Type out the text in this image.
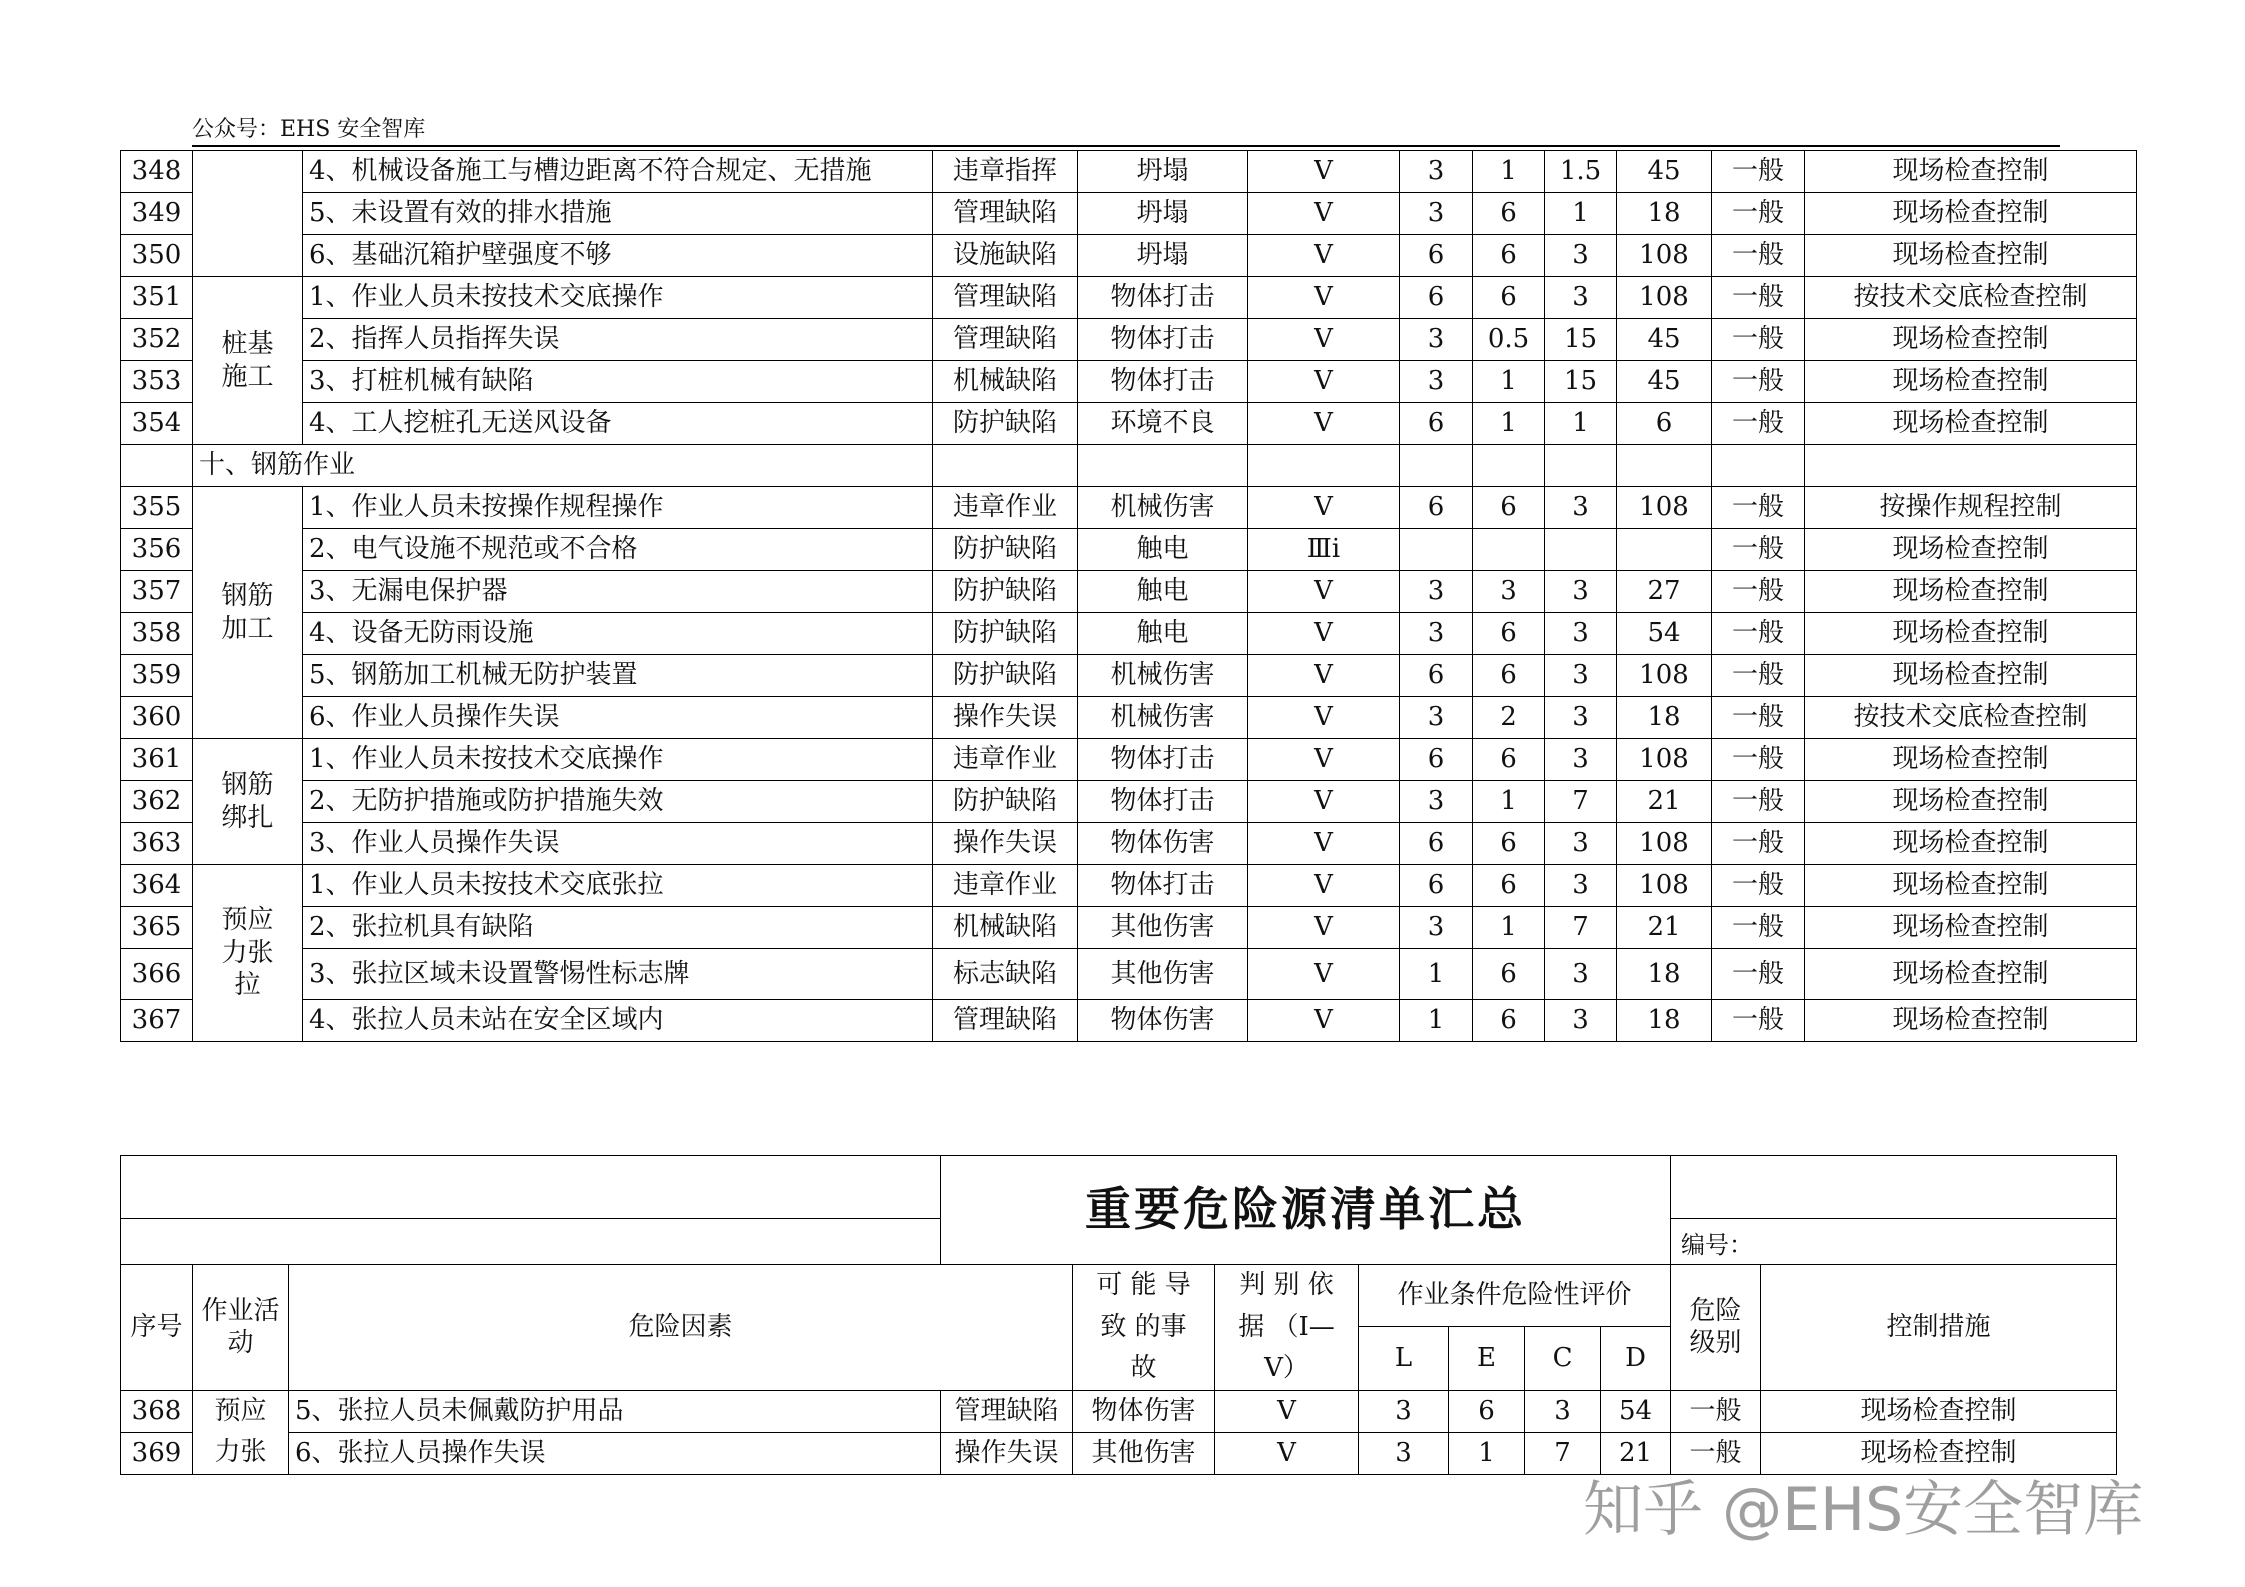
公众号：EHS 安全智库
348		4、机械设备施工与槽边距离不符合规定、无措施	违章指挥	坍塌	V	3	1	1.5	45	一般	现场检查控制
349		5、未设置有效的排水措施	管理缺陷	坍塌	V	3	6	1	18	一般	现场检查控制
350		6、基础沉箱护壁强度不够	设施缺陷	坍塌	V	6	6	3	108	一般	现场检查控制
351	桩基施工	1、作业人员未按技术交底操作	管理缺陷	物体打击	V	6	6	3	108	一般	按技术交底检查控制
352		2、指挥人员指挥失误	管理缺陷	物体打击	V	3	0.5	15	45	一般	现场检查控制
353		3、打桩机械有缺陷	机械缺陷	物体打击	V	3	1	15	45	一般	现场检查控制
354		4、工人挖桩孔无送风设备	防护缺陷	环境不良	V	6	1	1	6	一般	现场检查控制
	十、钢筋作业										
355	钢筋加工	1、作业人员未按操作规程操作	违章作业	机械伤害	V	6	6	3	108	一般	按操作规程控制
356		2、电气设施不规范或不合格	防护缺陷	触电	Ⅲi					一般	现场检查控制
357		3、无漏电保护器	防护缺陷	触电	V	3	3	3	27	一般	现场检查控制
358		4、设备无防雨设施	防护缺陷	触电	V	3	6	3	54	一般	现场检查控制
359		5、钢筋加工机械无防护装置	防护缺陷	机械伤害	V	6	6	3	108	一般	现场检查控制
360		6、作业人员操作失误	操作失误	机械伤害	V	3	2	3	18	一般	按技术交底检查控制
361	钢筋绑扎	1、作业人员未按技术交底操作	违章作业	物体打击	V	6	6	3	108	一般	现场检查控制
362		2、无防护措施或防护措施失效	防护缺陷	物体打击	V	3	1	7	21	一般	现场检查控制
363		3、作业人员操作失误	操作失误	物体伤害	V	6	6	3	108	一般	现场检查控制
364	预应力张拉	1、作业人员未按技术交底张拉	违章作业	物体打击	V	6	6	3	108	一般	现场检查控制
365		2、张拉机具有缺陷	机械缺陷	其他伤害	V	3	1	7	21	一般	现场检查控制
366		3、张拉区域未设置警惕性标志牌	标志缺陷	其他伤害	V	1	6	3	18	一般	现场检查控制
367		4、张拉人员未站在安全区域内	管理缺陷	物体伤害	V	1	6	3	18	一般	现场检查控制
			重要危险源清单汇总								
										编号：	
序号	作业活动	危险因素		可 能 导 致 的事故	判 别 依 据 （Ⅰ—Ⅴ）	作业条件危险性评价				危险级别	控制措施
						L	E	C	D		
368	预应力张	5、张拉人员未佩戴防护用品	管理缺陷	物体伤害	V	3	6	3	54	一般	现场检查控制
369		6、张拉人员操作失误	操作失误	其他伤害	V	3	1	7	21	一般	现场检查控制
知乎 @EHS安全智库
